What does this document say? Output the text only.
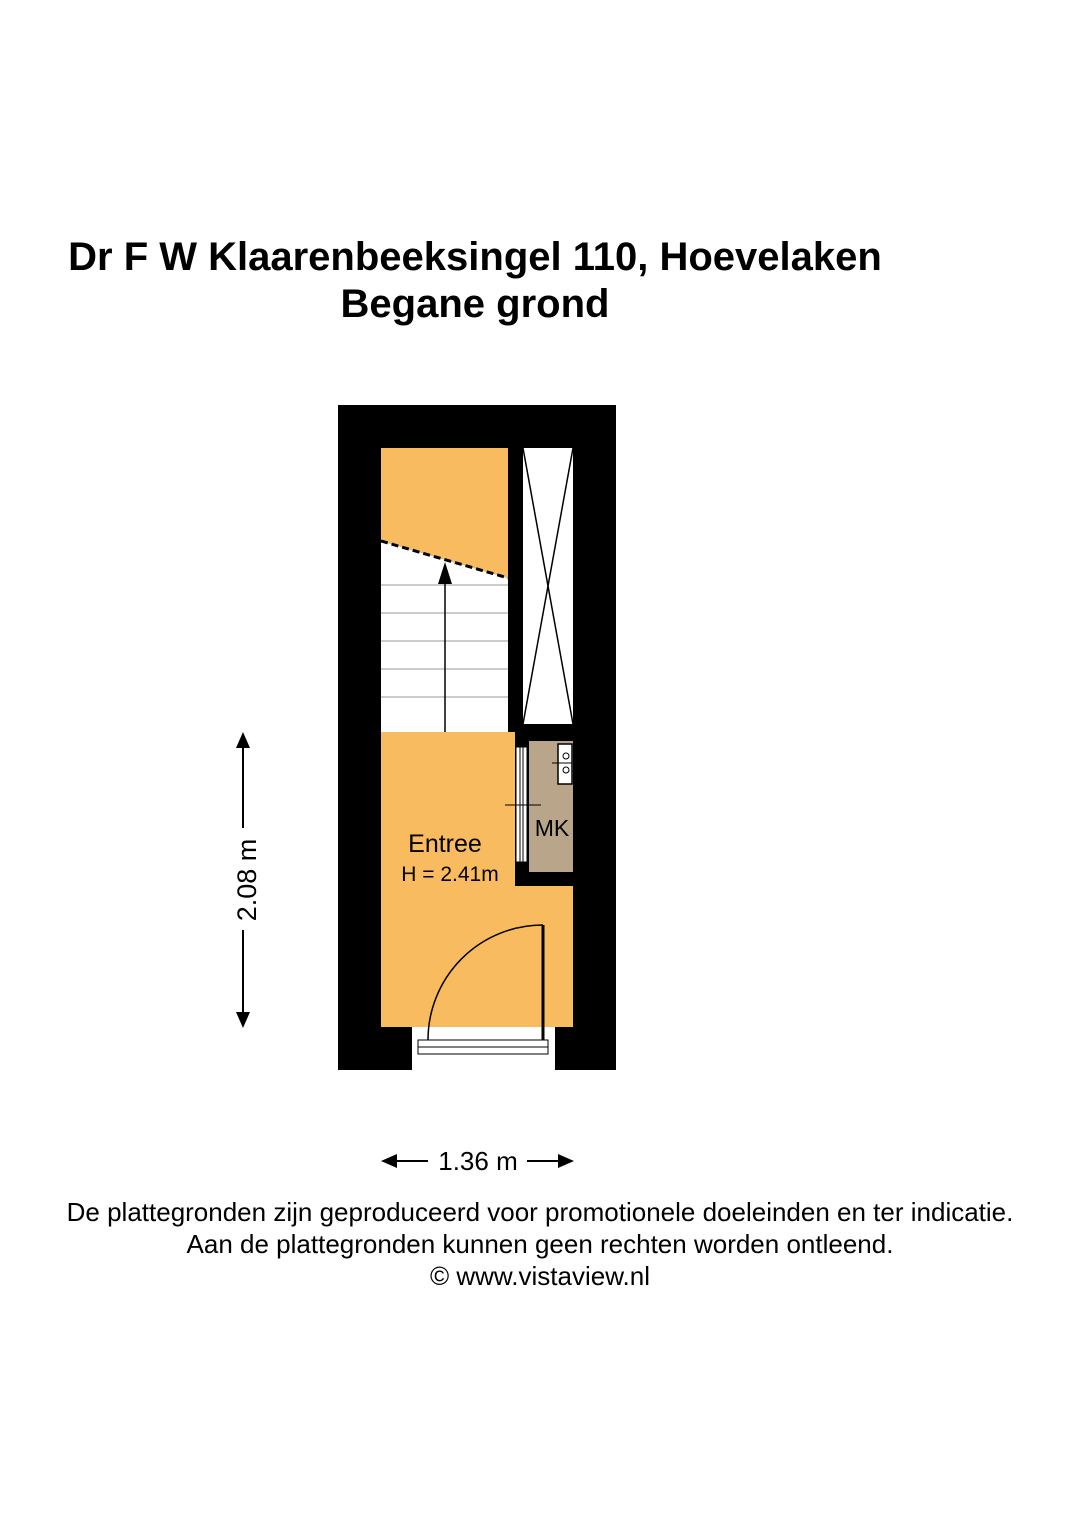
Dr F W Klaarenbeeksingel 110, Hoevelaken
Begane grond
Entree
H = 2.41m
MK
2.08 m
1.36 m
De plattegronden zijn geproduceerd voor promotionele doeleinden en ter indicatie.
Aan de plattegronden kunnen geen rechten worden ontleend.
© www.vistaview.nl
